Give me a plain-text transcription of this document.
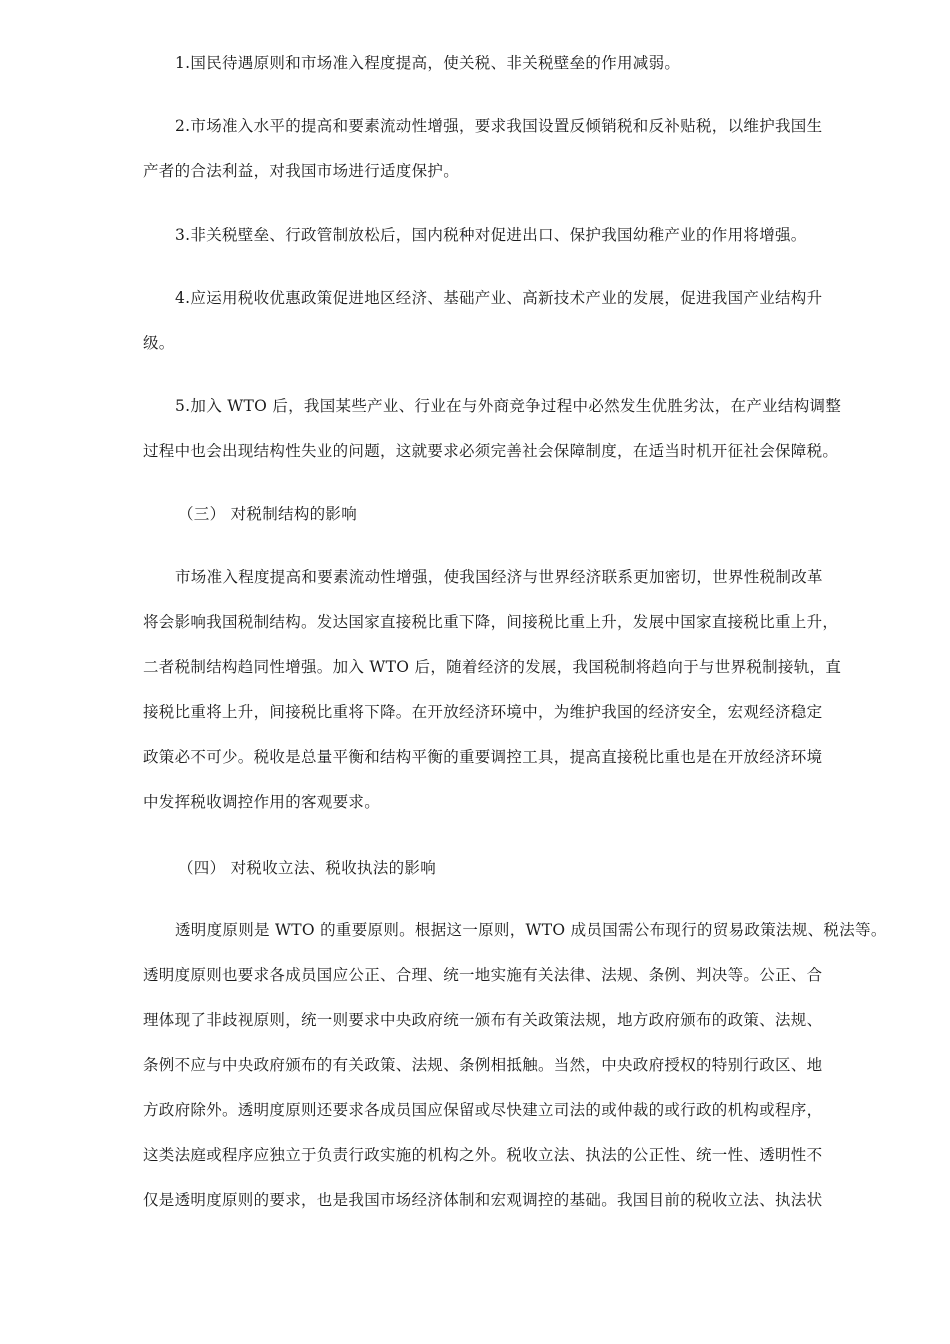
1.国民待遇原则和市场准入程度提高，使关税、非关税壁垒的作用减弱。
2.市场准入水平的提高和要素流动性增强，要求我国设置反倾销税和反补贴税，以维护我国生
产者的合法利益，对我国市场进行适度保护。
3.非关税壁垒、行政管制放松后，国内税种对促进出口、保护我国幼稚产业的作用将增强。
4.应运用税收优惠政策促进地区经济、基础产业、高新技术产业的发展，促进我国产业结构升
级。
5.加入 WTO 后，我国某些产业、行业在与外商竞争过程中必然发生优胜劣汰，在产业结构调整
过程中也会出现结构性失业的问题，这就要求必须完善社会保障制度，在适当时机开征社会保障税。
（三） 对税制结构的影响
市场准入程度提高和要素流动性增强，使我国经济与世界经济联系更加密切，世界性税制改革
将会影响我国税制结构。发达国家直接税比重下降，间接税比重上升，发展中国家直接税比重上升，
二者税制结构趋同性增强。加入 WTO 后，随着经济的发展，我国税制将趋向于与世界税制接轨，直
接税比重将上升，间接税比重将下降。在开放经济环境中，为维护我国的经济安全，宏观经济稳定
政策必不可少。税收是总量平衡和结构平衡的重要调控工具，提高直接税比重也是在开放经济环境
中发挥税收调控作用的客观要求。
（四） 对税收立法、税收执法的影响
透明度原则是 WTO 的重要原则。根据这一原则，WTO 成员国需公布现行的贸易政策法规、税法等。
透明度原则也要求各成员国应公正、合理、统一地实施有关法律、法规、条例、判决等。公正、合
理体现了非歧视原则，统一则要求中央政府统一颁布有关政策法规，地方政府颁布的政策、法规、
条例不应与中央政府颁布的有关政策、法规、条例相抵触。当然，中央政府授权的特别行政区、地
方政府除外。透明度原则还要求各成员国应保留或尽快建立司法的或仲裁的或行政的机构或程序，
这类法庭或程序应独立于负责行政实施的机构之外。税收立法、执法的公正性、统一性、透明性不
仅是透明度原则的要求，也是我国市场经济体制和宏观调控的基础。我国目前的税收立法、执法状
